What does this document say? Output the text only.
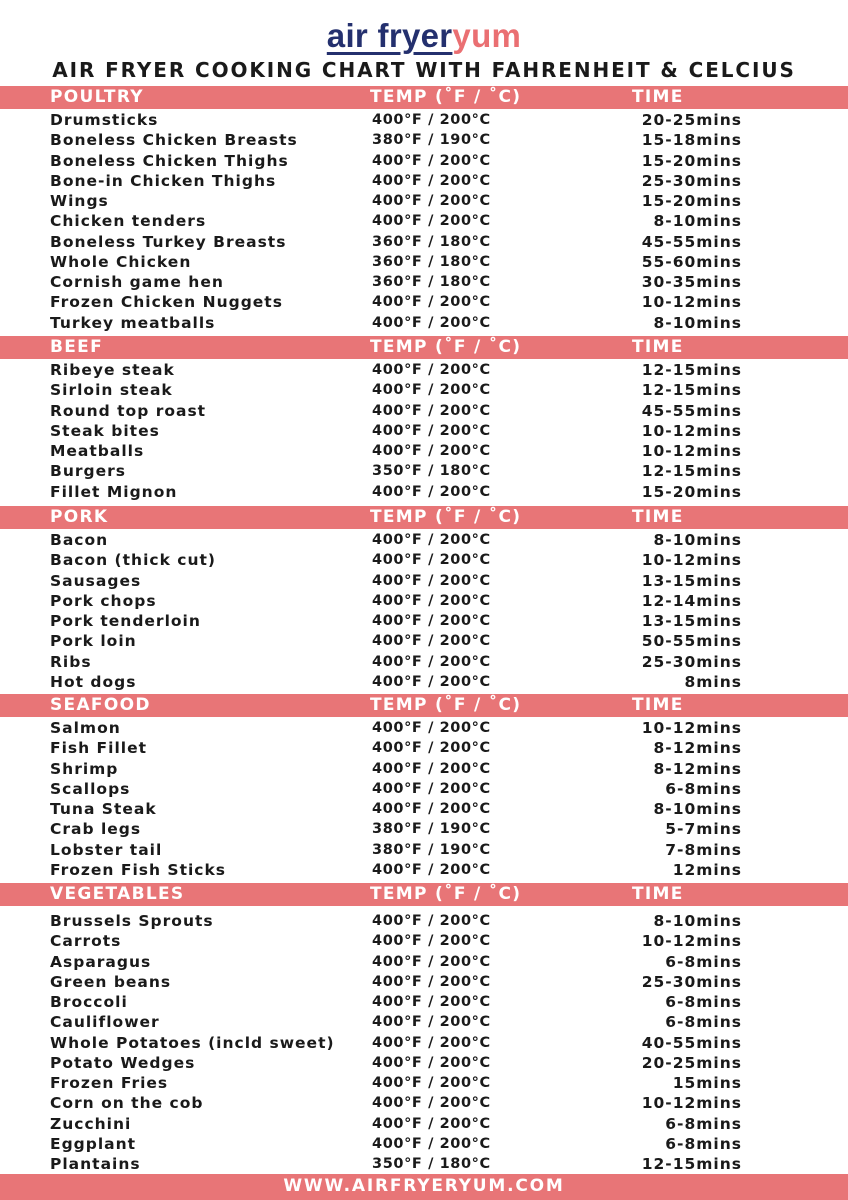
air fryeryum
AIR FRYER COOKING CHART WITH FAHRENHEIT & CELCIUS
POULTRY	TEMP (˚F / ˚C)	TIME
Drumsticks	400°F / 200°C	20-25mins
Boneless Chicken Breasts	380°F / 190°C	15-18mins
Boneless Chicken Thighs	400°F / 200°C	15-20mins
Bone-in Chicken Thighs	400°F / 200°C	25-30mins
Wings	400°F / 200°C	15-20mins
Chicken tenders	400°F / 200°C	8-10mins
Boneless Turkey Breasts	360°F / 180°C	45-55mins
Whole Chicken	360°F / 180°C	55-60mins
Cornish game hen	360°F / 180°C	30-35mins
Frozen Chicken Nuggets	400°F / 200°C	10-12mins
Turkey meatballs	400°F / 200°C	8-10mins
BEEF	TEMP (˚F / ˚C)	TIME
Ribeye steak	400°F / 200°C	12-15mins
Sirloin steak	400°F / 200°C	12-15mins
Round top roast	400°F / 200°C	45-55mins
Steak bites	400°F / 200°C	10-12mins
Meatballs	400°F / 200°C	10-12mins
Burgers	350°F / 180°C	12-15mins
Fillet Mignon	400°F / 200°C	15-20mins
PORK	TEMP (˚F / ˚C)	TIME
Bacon	400°F / 200°C	8-10mins
Bacon (thick cut)	400°F / 200°C	10-12mins
Sausages	400°F / 200°C	13-15mins
Pork chops	400°F / 200°C	12-14mins
Pork tenderloin	400°F / 200°C	13-15mins
Pork loin	400°F / 200°C	50-55mins
Ribs	400°F / 200°C	25-30mins
Hot dogs	400°F / 200°C	8mins
SEAFOOD	TEMP (˚F / ˚C)	TIME
Salmon	400°F / 200°C	10-12mins
Fish Fillet	400°F / 200°C	8-12mins
Shrimp	400°F / 200°C	8-12mins
Scallops	400°F / 200°C	6-8mins
Tuna Steak	400°F / 200°C	8-10mins
Crab legs	380°F / 190°C	5-7mins
Lobster tail	380°F / 190°C	7-8mins
Frozen Fish Sticks	400°F / 200°C	12mins
VEGETABLES	TEMP (˚F / ˚C)	TIME
Brussels Sprouts	400°F / 200°C	8-10mins
Carrots	400°F / 200°C	10-12mins
Asparagus	400°F / 200°C	6-8mins
Green beans	400°F / 200°C	25-30mins
Broccoli	400°F / 200°C	6-8mins
Cauliflower	400°F / 200°C	6-8mins
Whole Potatoes (incld sweet)	400°F / 200°C	40-55mins
Potato Wedges	400°F / 200°C	20-25mins
Frozen Fries	400°F / 200°C	15mins
Corn on the cob	400°F / 200°C	10-12mins
Zucchini	400°F / 200°C	6-8mins
Eggplant	400°F / 200°C	6-8mins
Plantains	350°F / 180°C	12-15mins
WWW.AIRFRYERYUM.COM
